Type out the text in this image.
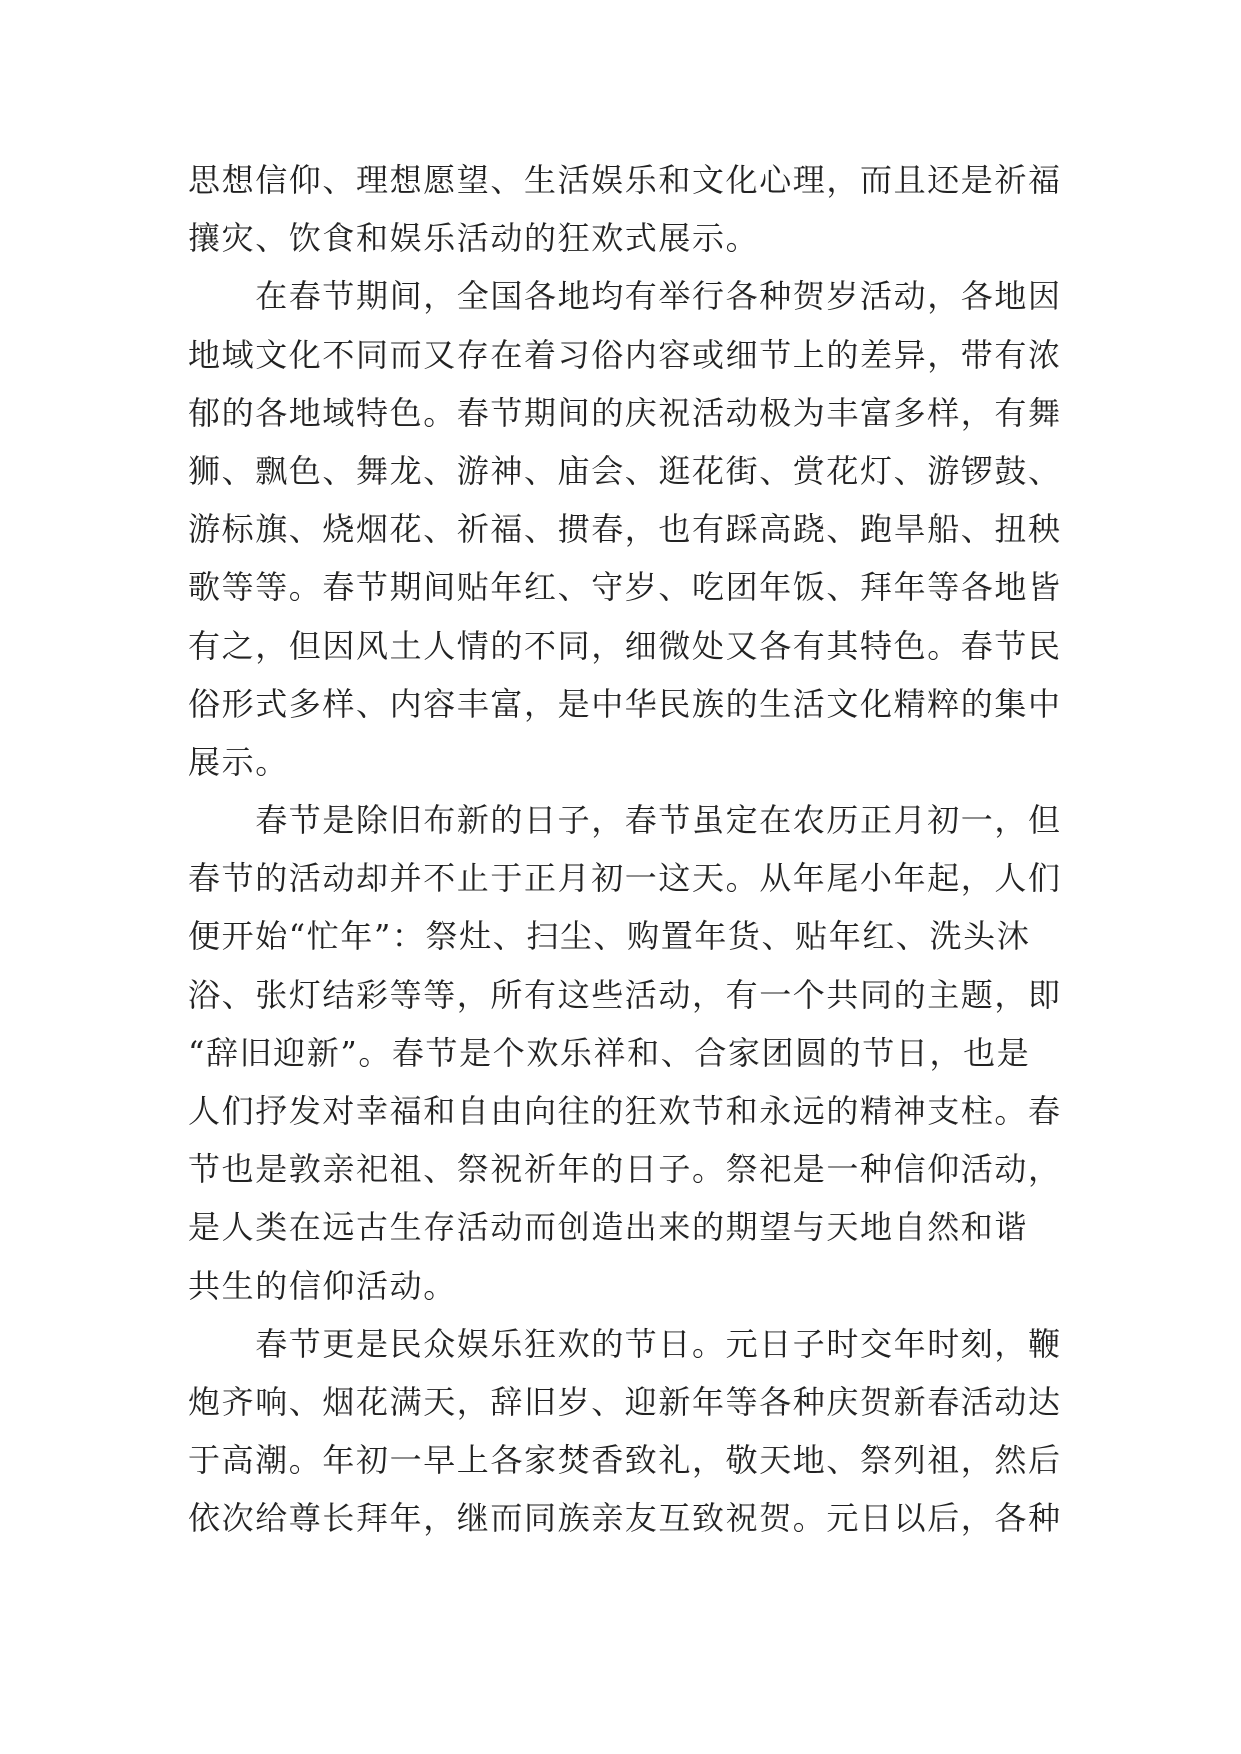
思想信仰、理想愿望、生活娱乐和文化心理，而且还是祈福
攘灾、饮食和娱乐活动的狂欢式展示。
　　在春节期间，全国各地均有举行各种贺岁活动，各地因
地域文化不同而又存在着习俗内容或细节上的差异，带有浓
郁的各地域特色。春节期间的庆祝活动极为丰富多样，有舞
狮、飘色、舞龙、游神、庙会、逛花街、赏花灯、游锣鼓、
游标旗、烧烟花、祈福、掼春，也有踩高跷、跑旱船、扭秧
歌等等。春节期间贴年红、守岁、吃团年饭、拜年等各地皆
有之，但因风土人情的不同，细微处又各有其特色。春节民
俗形式多样、内容丰富，是中华民族的生活文化精粹的集中
展示。
　　春节是除旧布新的日子，春节虽定在农历正月初一，但
春节的活动却并不止于正月初一这天。从年尾小年起，人们
便开始“忙年”：祭灶、扫尘、购置年货、贴年红、洗头沐
浴、张灯结彩等等，所有这些活动，有一个共同的主题，即
“辞旧迎新”。春节是个欢乐祥和、合家团圆的节日，也是
人们抒发对幸福和自由向往的狂欢节和永远的精神支柱。春
节也是敦亲祀祖、祭祝祈年的日子。祭祀是一种信仰活动，
是人类在远古生存活动而创造出来的期望与天地自然和谐
共生的信仰活动。
　　春节更是民众娱乐狂欢的节日。元日子时交年时刻，鞭
炮齐响、烟花满天，辞旧岁、迎新年等各种庆贺新春活动达
于高潮。年初一早上各家焚香致礼，敬天地、祭列祖，然后
依次给尊长拜年，继而同族亲友互致祝贺。元日以后，各种
